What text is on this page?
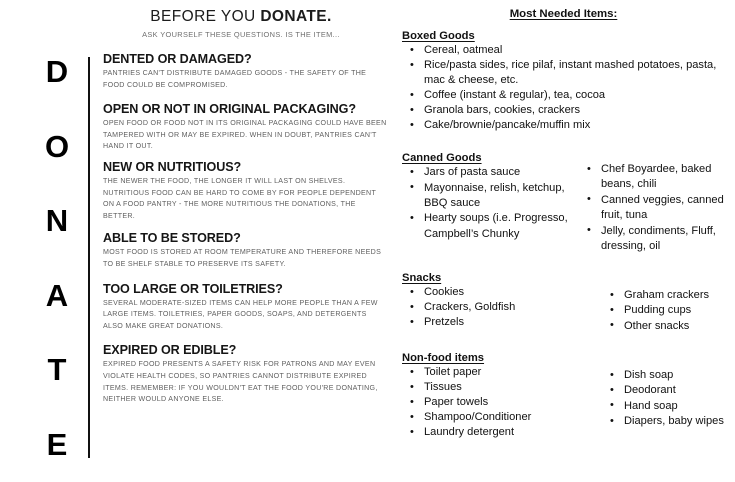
BEFORE YOU DONATE.
ASK YOURSELF THESE QUESTIONS. IS THE ITEM...
D
O
N
A
T
E
DENTED OR DAMAGED?
PANTRIES CAN'T DISTRIBUTE DAMAGED GOODS - THE SAFETY OF THE FOOD COULD BE COMPROMISED.
OPEN OR NOT IN ORIGINAL PACKAGING?
OPEN FOOD OR FOOD NOT IN ITS ORIGINAL PACKAGING COULD HAVE BEEN TAMPERED WITH OR MAY BE EXPIRED. WHEN IN DOUBT, PANTRIES CAN'T HAND IT OUT.
NEW OR NUTRITIOUS?
THE NEWER THE FOOD, THE LONGER IT WILL LAST ON SHELVES. NUTRITIOUS FOOD CAN BE HARD TO COME BY FOR PEOPLE DEPENDENT ON A FOOD PANTRY - THE MORE NUTRITIOUS THE DONATIONS, THE BETTER.
ABLE TO BE STORED?
MOST FOOD IS STORED AT ROOM TEMPERATURE AND THEREFORE NEEDS TO BE SHELF STABLE TO PRESERVE ITS SAFETY.
TOO LARGE OR TOILETRIES?
SEVERAL MODERATE-SIZED ITEMS CAN HELP MORE PEOPLE THAN A FEW LARGE ITEMS. TOILETRIES, PAPER GOODS, SOAPS, AND DETERGENTS ALSO MAKE GREAT DONATIONS.
EXPIRED OR EDIBLE?
EXPIRED FOOD PRESENTS A SAFETY RISK FOR PATRONS AND MAY EVEN VIOLATE HEALTH CODES, SO PANTRIES CANNOT DISTRIBUTE EXPIRED ITEMS. REMEMBER: IF YOU WOULDN'T EAT THE FOOD YOU'RE DONATING, NEITHER WOULD ANYONE ELSE.
Most Needed Items:
Boxed Goods
• Cereal, oatmeal
• Rice/pasta sides, rice pilaf, instant mashed potatoes, pasta, mac & cheese, etc.
• Coffee (instant & regular), tea, cocoa
• Granola bars, cookies, crackers
• Cake/brownie/pancake/muffin mix
Canned Goods
• Jars of pasta sauce
• Mayonnaise, relish, ketchup, BBQ sauce
• Hearty soups (i.e. Progresso, Campbell’s Chunky
• Chef Boyardee, baked beans, chili
• Canned veggies, canned fruit, tuna
• Jelly, condiments, Fluff, dressing, oil
Snacks
• Cookies
• Crackers, Goldfish
• Pretzels
• Graham crackers
• Pudding cups
• Other snacks
Non-food items
• Toilet paper
• Tissues
• Paper towels
• Shampoo/Conditioner
• Laundry detergent
• Dish soap
• Deodorant
• Hand soap
• Diapers, baby wipes
